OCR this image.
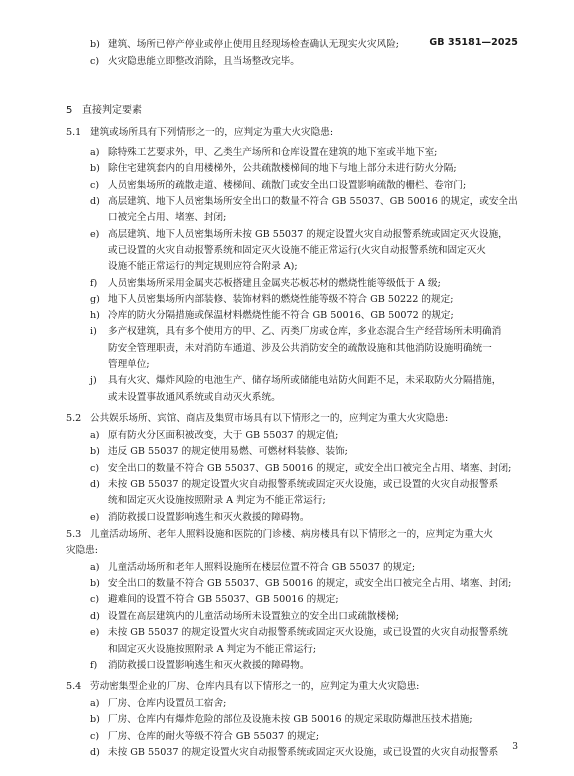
GB 35181—2025
b) 建筑、场所已停产停业或停止使用且经现场检查确认无现实火灾风险;
c) 火灾隐患能立即整改消除，且当场整改完毕。
5 直接判定要素
5.1 建筑或场所具有下列情形之一的，应判定为重大火灾隐患:
a) 除特殊工艺要求外，甲、乙类生产场所和仓库设置在建筑的地下室或半地下室;
b) 除住宅建筑套内的自用楼梯外，公共疏散楼梯间的地下与地上部分未进行防火分隔;
c) 人员密集场所的疏散走道、楼梯间、疏散门或安全出口设置影响疏散的栅栏、卷帘门;
d) 高层建筑、地下人员密集场所安全出口的数量不符合 GB 55037、GB 50016 的规定，或安全出
口被完全占用、堵塞、封闭;
e) 高层建筑、地下人员密集场所未按 GB 55037 的规定设置火灾自动报警系统或固定灭火设施，
或已设置的火灾自动报警系统和固定灭火设施不能正常运行(火灾自动报警系统和固定灭火
设施不能正常运行的判定规则应符合附录 A);
f) 人员密集场所采用金属夹芯板搭建且金属夹芯板芯材的燃烧性能等级低于 A 级;
g) 地下人员密集场所内部装修、装饰材料的燃烧性能等级不符合 GB 50222 的规定;
h) 冷库的防火分隔措施或保温材料燃烧性能不符合 GB 50016、GB 50072 的规定;
i) 多产权建筑，具有多个使用方的甲、乙、丙类厂房或仓库，多业态混合生产经营场所未明确消
防安全管理职责，未对消防车通道、涉及公共消防安全的疏散设施和其他消防设施明确统一
管理单位;
j) 具有火灾、爆炸风险的电池生产、储存场所或储能电站防火间距不足，未采取防火分隔措施，
或未设置事故通风系统或自动灭火系统。
5.2 公共娱乐场所、宾馆、商店及集贸市场具有以下情形之一的，应判定为重大火灾隐患:
a) 原有防火分区面积被改变，大于 GB 55037 的规定值;
b) 违反 GB 55037 的规定使用易燃、可燃材料装修、装饰;
c) 安全出口的数量不符合 GB 55037、GB 50016 的规定，或安全出口被完全占用、堵塞、封闭;
d) 未按 GB 55037 的规定设置火灾自动报警系统或固定灭火设施，或已设置的火灾自动报警系
统和固定灭火设施按照附录 A 判定为不能正常运行;
e) 消防救援口设置影响逃生和灭火救援的障碍物。
5.3 儿童活动场所、老年人照料设施和医院的门诊楼、病房楼具有以下情形之一的，应判定为重大火
灾隐患:
a) 儿童活动场所和老年人照料设施所在楼层位置不符合 GB 55037 的规定;
b) 安全出口的数量不符合 GB 55037、GB 50016 的规定，或安全出口被完全占用、堵塞、封闭;
c) 避难间的设置不符合 GB 55037、GB 50016 的规定;
d) 设置在高层建筑内的儿童活动场所未设置独立的安全出口或疏散楼梯;
e) 未按 GB 55037 的规定设置火灾自动报警系统或固定灭火设施，或已设置的火灾自动报警系统
和固定灭火设施按照附录 A 判定为不能正常运行;
f) 消防救援口设置影响逃生和灭火救援的障碍物。
5.4 劳动密集型企业的厂房、仓库内具有以下情形之一的，应判定为重大火灾隐患:
a) 厂房、仓库内设置员工宿舍;
b) 厂房、仓库内有爆炸危险的部位及设施未按 GB 50016 的规定采取防爆泄压技术措施;
c) 厂房、仓库的耐火等级不符合 GB 55037 的规定;
d) 未按 GB 55037 的规定设置火灾自动报警系统或固定灭火设施，或已设置的火灾自动报警系 3
